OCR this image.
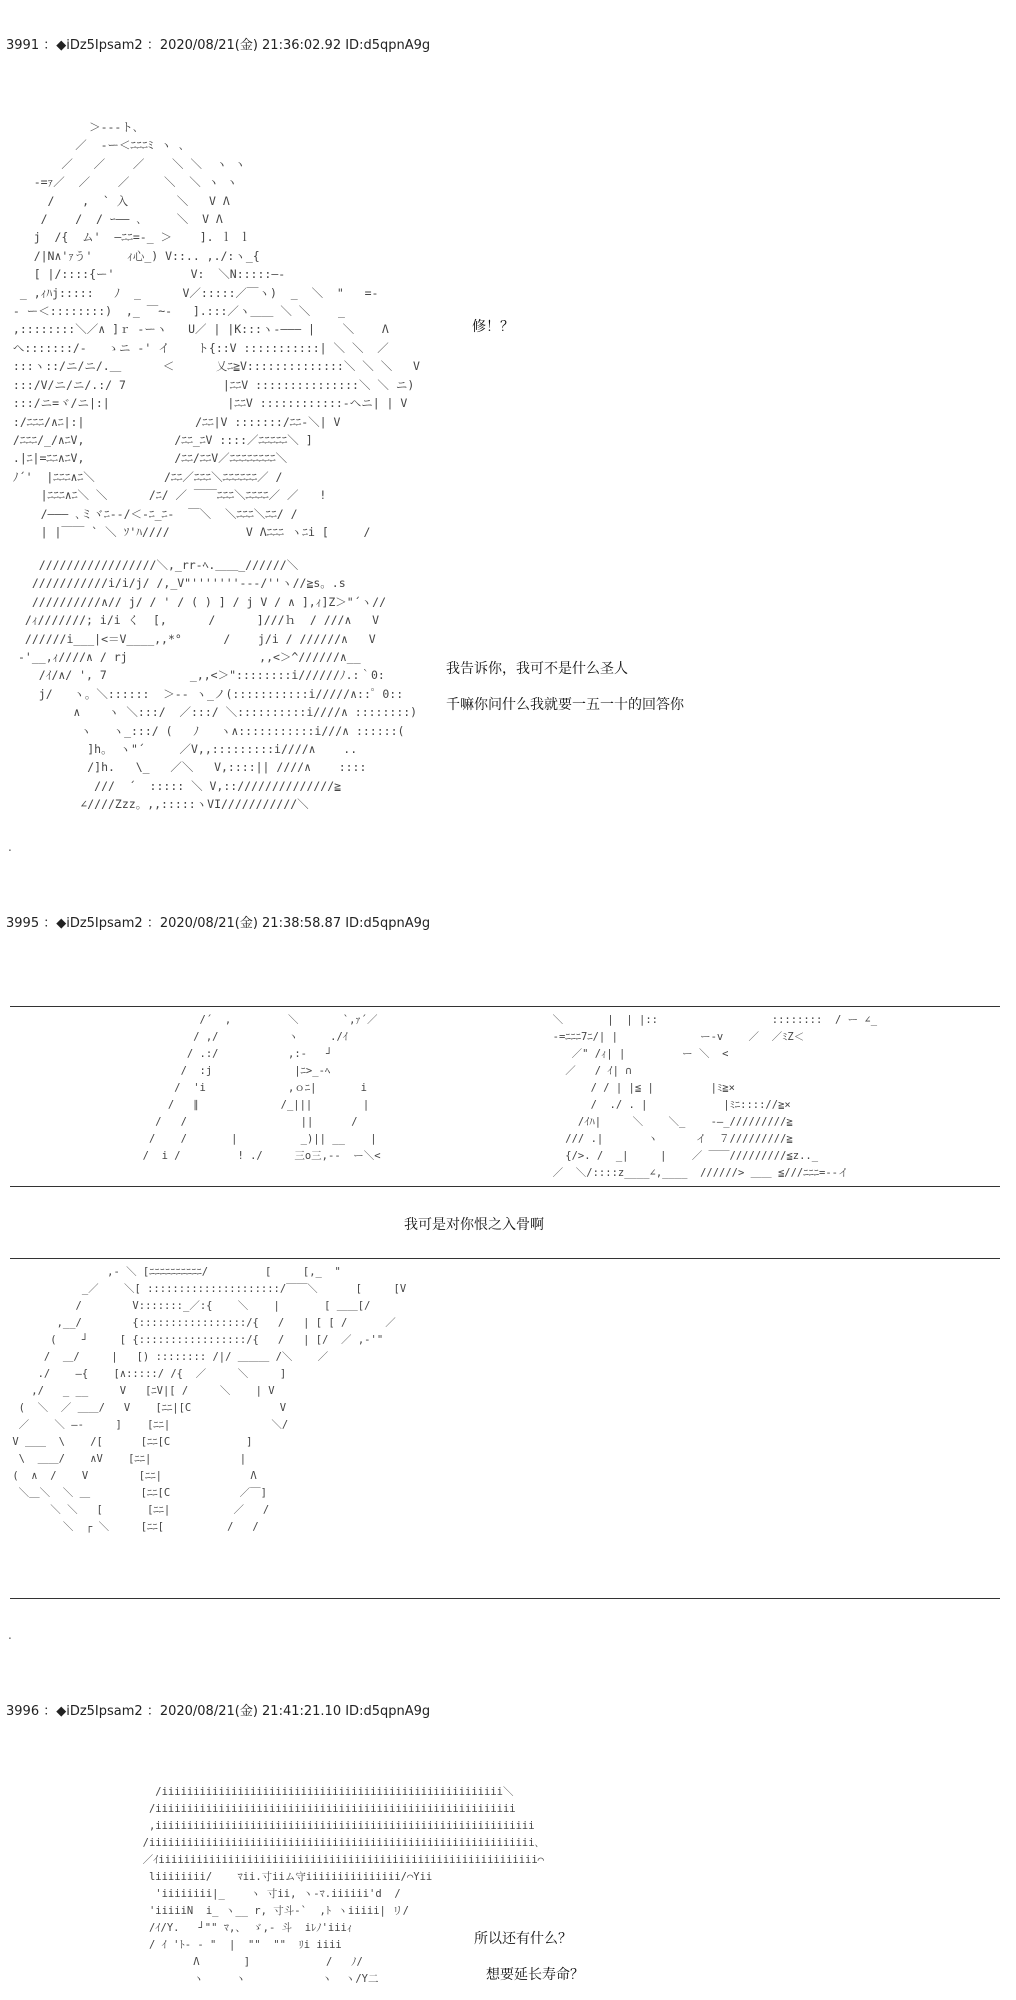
3991 ：◆iDz5Ipsam2 ：2020/08/21(金) 21:36:02.92 ID:d5qpnA9g

＞-‐-ト､
／  ‐ー＜ﾆﾆﾆﾐ ヽ ､
／   ／    ／    ＼ ＼  ヽ ヽ
‐=ｧ／  ／    ／     ＼  ＼ ヽ ヽ
/    ,  ` 入       ＼   V Λ
/    /  / ｰ―― ､     ＼  V Λ
j  /{  ム'  ―ﾆﾆ=‐_ ＞    ]. ｌ ｌ
/|N∧'ｧう'     ｨ心_) V::.. ,./:ヽ_{
[ |/::::{ー'           V:  ＼N:::::―-
_ ,ｨﾊj:::::   ﾉ  _      V／:::::／￣ヽ)  _  ＼  "   =-
- ー＜::::::::)  ,_ ￣~‐   ].:::／ヽ＿＿ ＼ ＼    _
,::::::::＼／∧ ]ｒ ‐ーヽ   U／ | |K:::ヽ‐――― |    ＼    Λ
へ:::::::/‐   ゝニ ‐' イ    ト{::V :::::::::::| ＼ ＼  ／
:::ヽ::/ニ/ニ/.＿      ＜      乂ﾆ≧V::::::::::::::＼ ＼ ＼   V
:::/V/ニ/ニ/.:/ 7              |ﾆﾆV :::::::::::::::＼ ＼ ニ)
:::/ニ=ヾ/ニ|:|                 |ﾆﾆV ::::::::::::-へニ| | V
:/ﾆﾆﾆ/∧ﾆ|:|                /ﾆﾆ|V :::::::/ﾆﾆ-＼| V
/ﾆﾆﾆ/_/∧ﾆV,             /ﾆﾆ_ﾆV ::::／ﾆﾆﾆﾆﾆ＼ ]
.|ﾆ|=ﾆﾆ∧ﾆV,             /ﾆﾆ/ﾆﾆV／ﾆﾆﾆﾆﾆﾆﾆﾆ＼
ﾉ´'  |ﾆﾆﾆ∧ﾆ＼          /ﾆﾆ／ﾆﾆﾆ＼ﾆﾆﾆﾆﾆﾆ／ /
|ﾆﾆﾆ∧ﾆ＼ ＼      /ﾆ/ ／ ￣￣ﾆﾆﾆ＼ﾆﾆﾆﾆ／ ／   !
/――― ､ミヾﾆ--/＜-ﾆ_ﾆ-  ￣＼  ＼ﾆﾆﾆ＼ﾆﾆ/ /
| |￣￣ ` ＼ ｿ'ﾊ////           V Λﾆﾆﾆ ヽﾆi [     /

修！？

/////////////////＼,_rr-ﾍ.＿＿_//////＼
///////////i/i/j/ /,_V"'''''''-‐-/''ヽ//≧s。.s
//////////∧// j/ / ' / ( ) ] / j V / ∧ ],ｨ]Z＞"´ヽ//
/ｨ///////; i/i く  [,      /      ]///ｈ  / ///∧   V
//////i___|<＝V____,,*°      /    j/i / //////∧   V
-'__,ｨ////∧ / rj                   ,,<＞^//////∧__
/ｲ/∧/ ', 7            _,,<＞"::::::::i//////ﾉ.:｀0:
j/   ヽ。＼::::::  ＞-‐ ヽ_ノ(:::::::::::i/////∧::゜0::
∧    ヽ ＼:::/  ／:::/ ＼::::::::::i////∧ ::::::::)
ヽ   ヽ_:::/ (   ﾉ   ヽ∧:::::::::::i///∧ ::::::(
]h。 ヽ"´     ／V,,:::::::::i////∧    ..
/]h.   \_   ／＼   V,::::|| ////∧    ::::
///  ´  ::::: ＼ V,:://////////////≧
∠////Zzz。,,:::::ヽVI///////////＼

我告诉你，我可不是什么圣人

千嘛你问什么我就要一五一十的回答你

.

3995 ：◆iDz5Ipsam2 ：2020/08/21(金) 21:38:58.87 ID:d5qpnA9g

/´  ,         ＼       `,ｧ´／
/ ,/           ヽ     ./ｲ
/ .:/           ,:-   ┘
/  :j             |ﾆ>_‐ﾍ
/  'i             ,ｏﾆ|       i
/   ∥             /_|||        |
/   /                  ||      /
/    /       |          _)|| __    |
/  i /         ! ./     三o三,‐‐  ー＼<
＼       |  | |::                  ::::::::  / ー ∠_
‐=ﾆﾆﾆ7ﾆ/| |             ー‐v    ／  ／ﾐZ＜
／" /ｨ| |         ー ＼  <
／   / ｲ| ∩
/ / | |≦ |         |ﾐ≧×
/  ./ . |            |ﾐﾆ:::://≧×
/ｲﾊ|     ＼    ＼_    ‐―_/////////≧
/// .|       ヽ      イ  ７/////////≧
{/>. /  _|     |    ／ ￣￣/////////≦z.._
／  ＼/::::z____∠,____  //////> ＿＿ ≦///ﾆﾆﾆ=-‐イ

我可是对你恨之入骨啊

,‐ ＼ [ﾆﾆﾆﾆﾆﾆﾆﾆﾆﾆ/         [     [,_  "
_／    ＼[ :::::::::::::::::::::/￣￣＼      [     [V
/        V:::::::_／:{    ＼    |       [ ＿＿[/
,__/        {:::::::::::::::::/{   /   | [ [ /      ／
(    ┘     [ {:::::::::::::::::/{   /   | [/  ／ ,‐'"
/  ＿/     |   [) :::::::: /|/ ＿＿＿ /＼    ／
./    ―{    [∧:::::/ /{  ／     ＼     ]
,/   _ __     V   [ﾆV|[ /     ＼    | V
(  ＼  ／ ＿＿/   V    [ﾆﾆ|[C              V
／    ＼ ―‐     ]    [ﾆﾆ|                ＼/
V ＿＿  \    /[      [ﾆﾆ[C            ]
\  ＿＿/    ∧V    [ﾆﾆ|              |
(  ∧  /    V        [ﾆﾆ|              Λ
＼＿＼  ＼ ＿        [ﾆﾆ[C           ／￣]
＼ ＼   [       [ﾆﾆ|          ／   /
＼  ┌ ＼     [ﾆﾆ[          /   /
.

3996 ：◆iDz5Ipsam2 ：2020/08/21(金) 21:41:21.10 ID:d5qpnA9g

/iiiiiiiiiiiiiiiiiiiiiiiiiiiiiiiiiiiiiiiiiiiiiiiiiiiiii＼
/iiiiiiiiiiiiiiiiiiiiiiiiiiiiiiiiiiiiiiiiiiiiiiiiiiiiiiiii
,iiiiiiiiiiiiiiiiiiiiiiiiiiiiiiiiiiiiiiiiiiiiiiiiiiiiiiiiiiii
/iiiiiiiiiiiiiiiiiiiiiiiiiiiiiiiiiiiiiiiiiiiiiiiiiiiiiiiiiiiii､
／ｲiiiiiiiiiiiiiiiiiiiiiiiiiiiiiiiiiiiiiiiiiiiiiiiiiiiiiiiiiiii⌒
liiiiiiii/    ﾏii.寸iiム守iiiiiiiiiiiiiii/⌒Yii
'iiiiiiii|_    ヽ 寸ii, ヽ‐ﾏ.iiiiii'd  /
'iiiiiN  i_ ヽ__ r, 寸斗‐`  ,ﾄ ヽiiiii| リ/
/ｲ/Y.   ┘"" ﾏ,、 ゞ,‐ 斗  iﾚﾉ'iiiｨ
/ ｲ 'ﾄ‐ ‐ "  |  ""  ""  ﾘi iiii
Λ       ]            /   ﾉ/
ヽ     ヽ            ヽ  ヽ/Y二

所以还有什么？

想要延长寿命？
